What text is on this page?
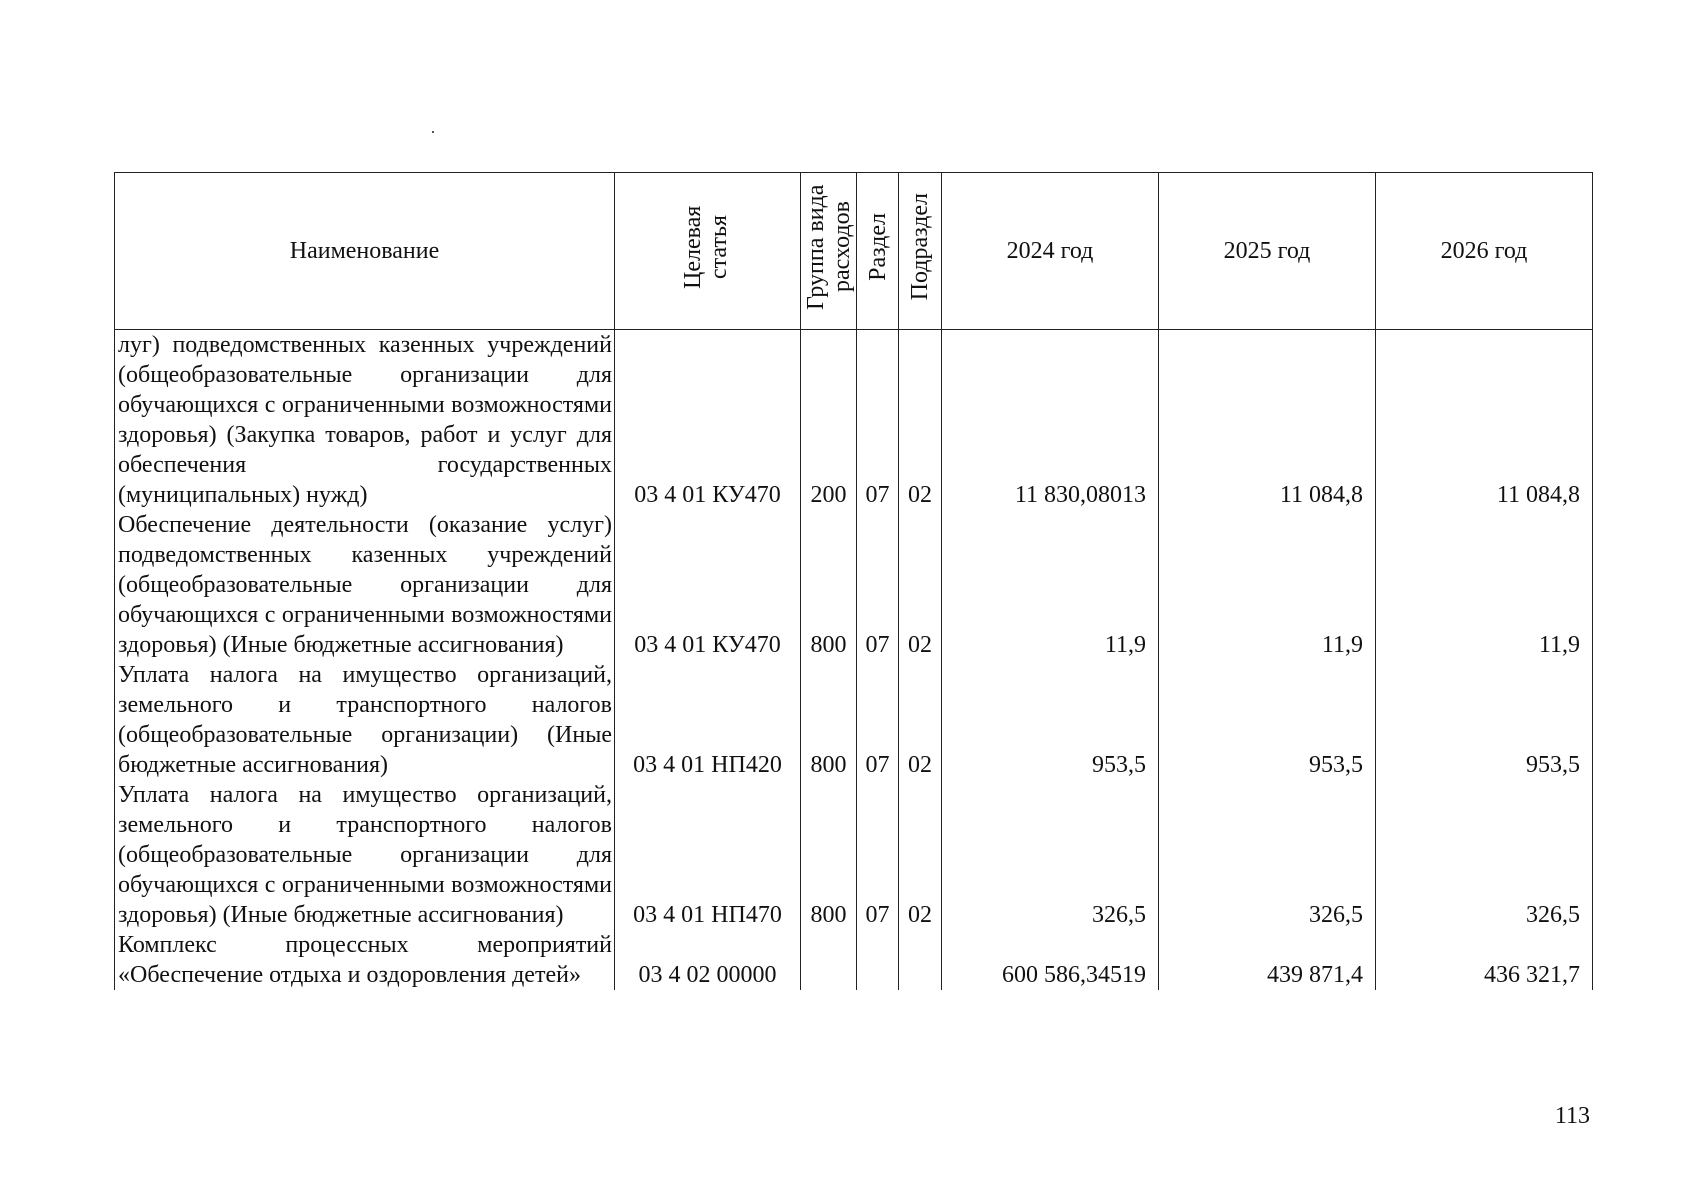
Наименование	Целевая статья	Группа вида расходов	Раздел	Подраздел	2024 год	2025 год	2026 год
луг) подведомственных казенных учреждений (общеобразовательные организации для обучающихся с ограниченными возможностями здоровья) (Закупка товаров, работ и услуг для обеспечения государственных (муниципальных) нужд)	03 4 01 КУ470	200	07	02	11 830,08013	11 084,8	11 084,8
Обеспечение деятельности (оказание услуг) подведомственных казенных учреждений (общеобразовательные организации для обучающихся с ограниченными возможностями здоровья) (Иные бюджетные ассигнования)	03 4 01 КУ470	800	07	02	11,9	11,9	11,9
Уплата налога на имущество организаций, земельного и транспортного налогов (общеобразовательные организации) (Иные бюджетные ассигнования)	03 4 01 НП420	800	07	02	953,5	953,5	953,5
Уплата налога на имущество организаций, земельного и транспортного налогов (общеобразовательные организации для обучающихся с ограниченными возможностями здоровья) (Иные бюджетные ассигнования)	03 4 01 НП470	800	07	02	326,5	326,5	326,5
Комплекс процессных мероприятий «Обеспечение отдыха и оздоровления детей»	03 4 02 00000				600 586,34519	439 871,4	436 321,7
113
